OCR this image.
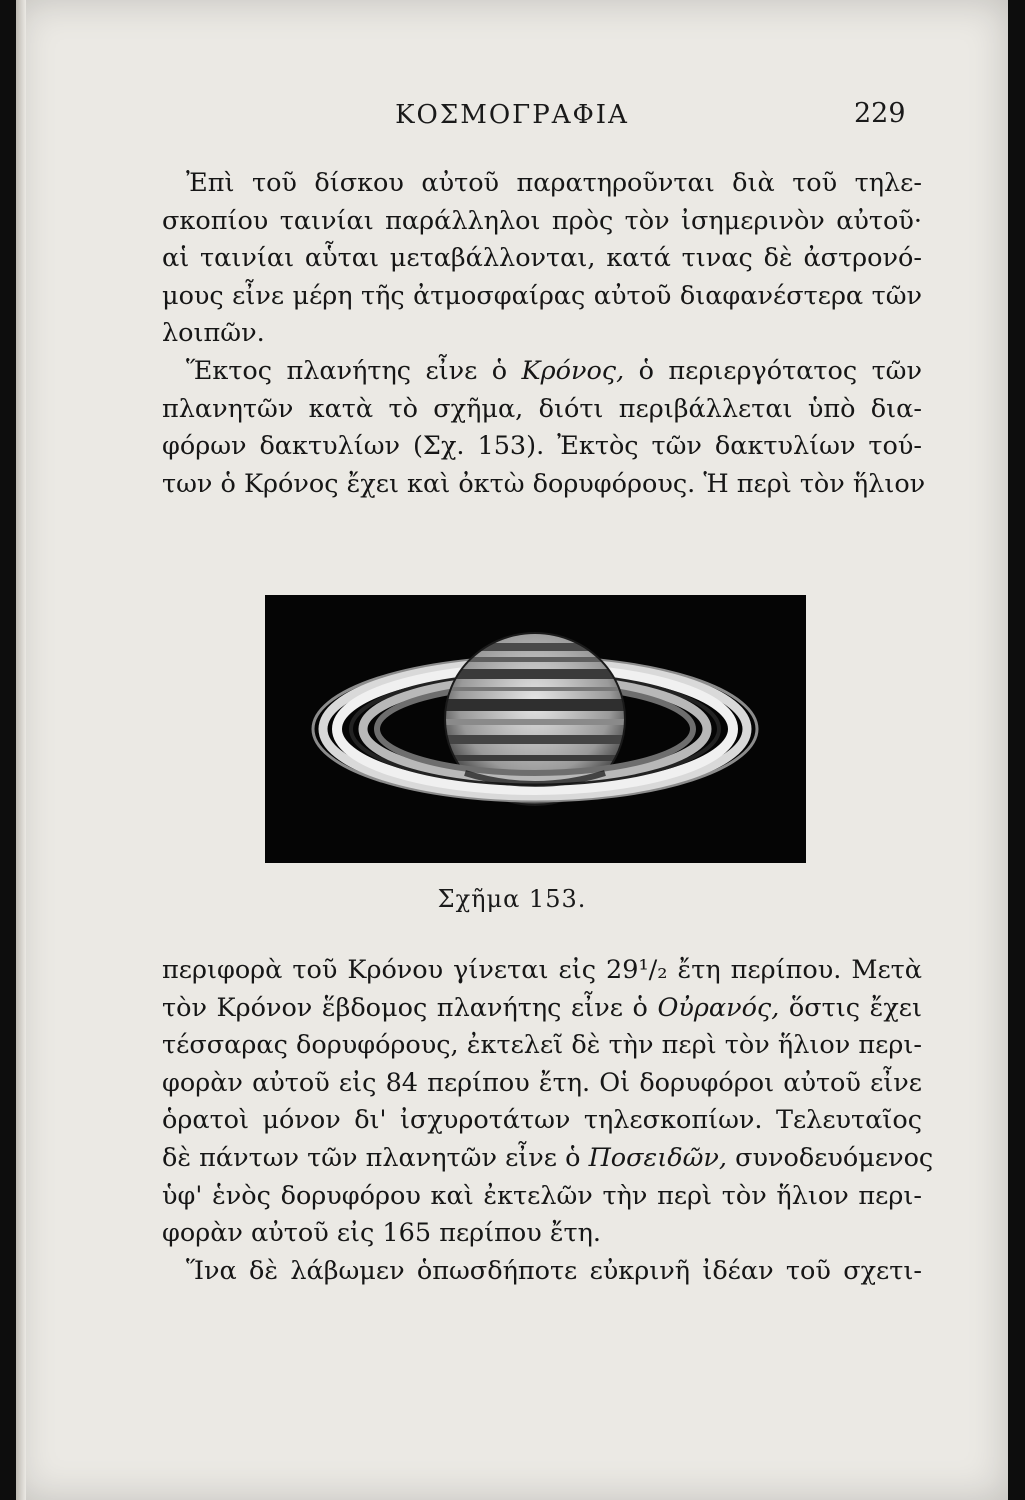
ΚΟΣΜΟΓΡΑΦΙΑ	229
Ἐπὶ τοῦ δίσκου αὐτοῦ παρατηροῦνται διὰ τοῦ τηλε-
σκοπίου ταινίαι παράλληλοι πρὸς τὸν ἰσημερινὸν αὐτοῦ·
αἱ ταινίαι αὗται μεταβάλλονται, κατά τινας δὲ ἀστρονό-
μους εἶνε μέρη τῆς ἀτμοσφαίρας αὐτοῦ διαφανέστερα τῶν
λοιπῶν.
Ἕκτος πλανήτης εἶνε ὁ Κρόνος, ὁ περιεργότατος τῶν
πλανητῶν κατὰ τὸ σχῆμα, διότι περιβάλλεται ὑπὸ δια-
φόρων δακτυλίων (Σχ. 153). Ἐκτὸς τῶν δακτυλίων τού-
των ὁ Κρόνος ἔχει καὶ ὀκτὼ δορυφόρους. Ἡ περὶ τὸν ἥλιον
Σχῆμα 153.
περιφορὰ τοῦ Κρόνου γίνεται εἰς 29¹/₂ ἔτη περίπου. Μετὰ
τὸν Κρόνον ἕβδομος πλανήτης εἶνε ὁ Οὐρανός, ὅστις ἔχει
τέσσαρας δορυφόρους, ἐκτελεῖ δὲ τὴν περὶ τὸν ἥλιον περι-
φορὰν αὐτοῦ εἰς 84 περίπου ἔτη. Οἱ δορυφόροι αὐτοῦ εἶνε
ὁρατοὶ μόνον δι' ἰσχυροτάτων τηλεσκοπίων. Τελευταῖος
δὲ πάντων τῶν πλανητῶν εἶνε ὁ Ποσειδῶν, συνοδευόμενος
ὑφ' ἑνὸς δορυφόρου καὶ ἐκτελῶν τὴν περὶ τὸν ἥλιον περι-
φορὰν αὐτοῦ εἰς 165 περίπου ἔτη.
Ἵνα δὲ λάβωμεν ὁπωσδήποτε εὐκρινῆ ἰδέαν τοῦ σχετι-
